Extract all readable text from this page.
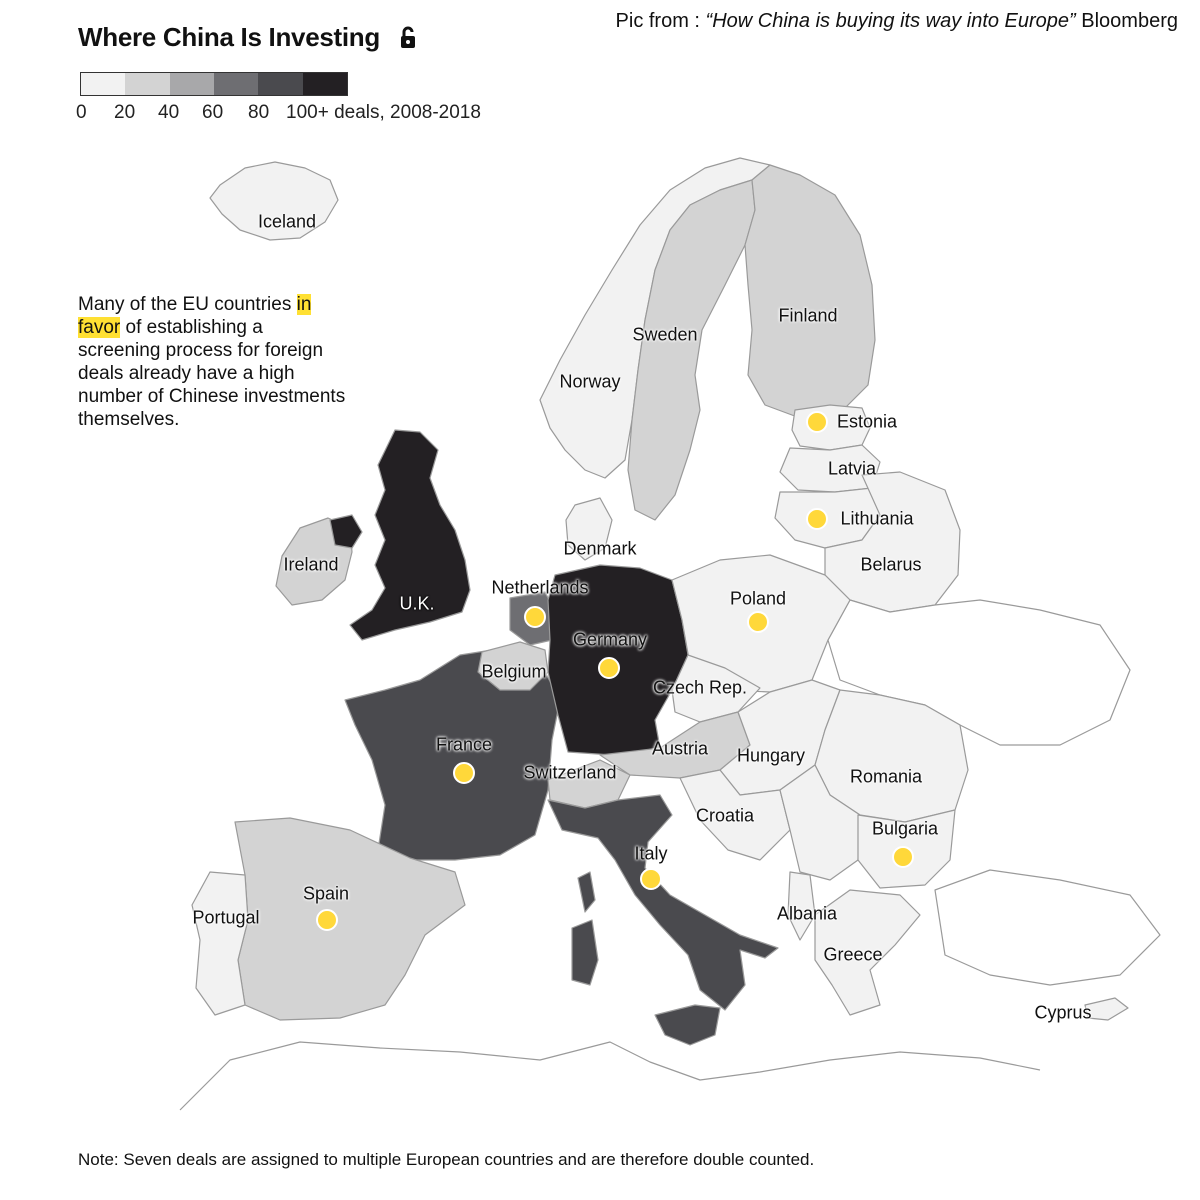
Where China Is Investing
Pic from : “How China is buying its way into Europe” Bloomberg
0 20 40 60 80 100+ deals, 2008-2018
Many of the EU countries in favor of establishing a screening process for foreign deals already have a high number of Chinese investments themselves.
Iceland
Sweden
Finland
Norway
Estonia
Latvia
Lithuania
Denmark
Ireland	Belarus
Netherlands
Poland
U.K.
Germany
Belgium
Czech Rep.
France	Austria Hungary
Switzerland	Romania
Croatia
Bulgaria
Italy
Spain
Portugal	Albania
Greece
Cyprus
Note: Seven deals are assigned to multiple European countries and are therefore double counted.
